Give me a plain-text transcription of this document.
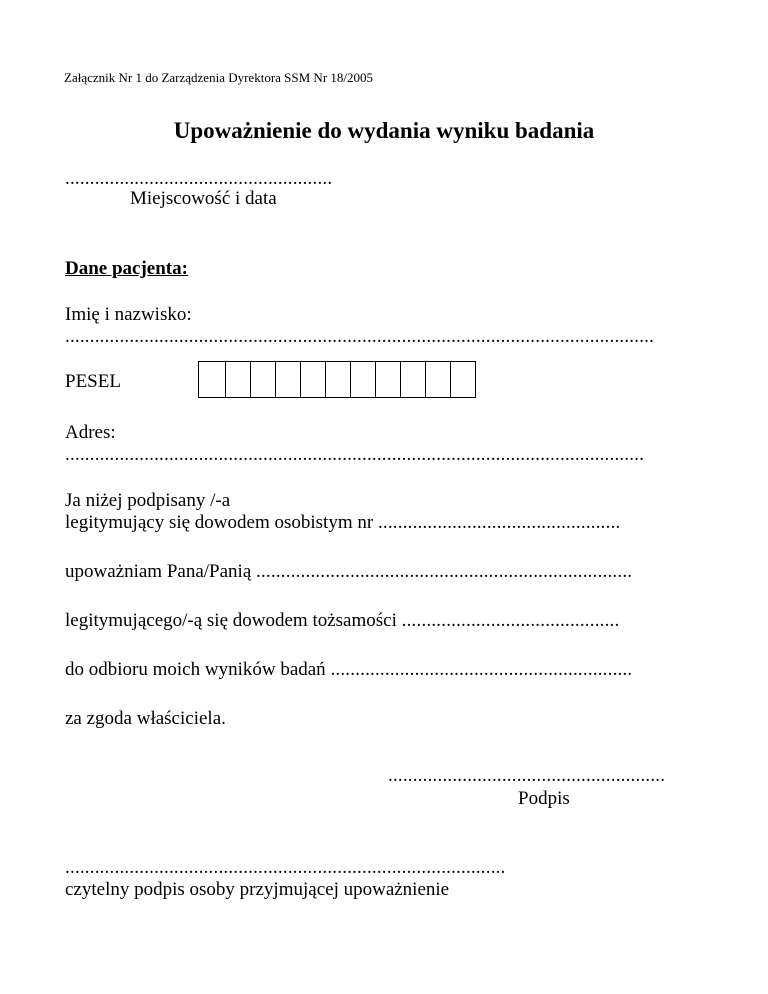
Załącznik Nr 1 do Zarządzenia Dyrektora SSM Nr 18/2005
Upoważnienie do wydania wyniku badania
......................................................
Miejscowość i data
Dane pacjenta:
Imię i nazwisko:
.......................................................................................................................
PESEL
Adres:
.....................................................................................................................
Ja niżej podpisany /-a
legitymujący się dowodem osobistym nr .................................................
upoważniam Pana/Panią ............................................................................
legitymującego/-ą się dowodem tożsamości ............................................
do odbioru moich wyników badań .............................................................
za zgoda właściciela.
........................................................
Podpis
.........................................................................................
czytelny podpis osoby przyjmującej upoważnienie
